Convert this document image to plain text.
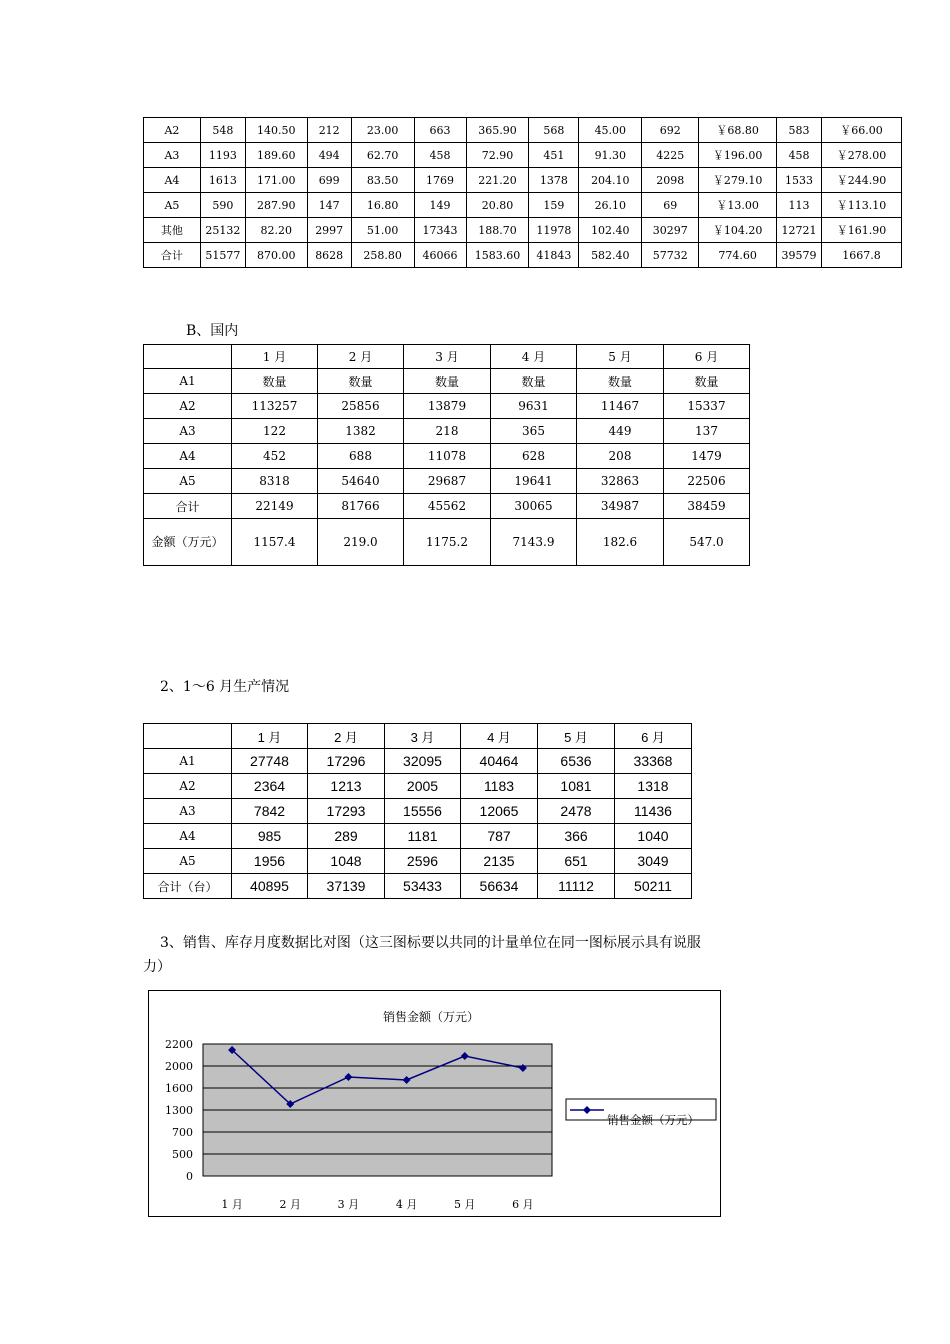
A2	548	140.50	212	23.00	663	365.90	568	45.00	692	￥68.80	583	￥66.00
A3	1193	189.60	494	62.70	458	72.90	451	91.30	4225	￥196.00	458	￥278.00
A4	1613	171.00	699	83.50	1769	221.20	1378	204.10	2098	￥279.10	1533	￥244.90
A5	590	287.90	147	16.80	149	20.80	159	26.10	69	￥13.00	113	￥113.10
其他	25132	82.20	2997	51.00	17343	188.70	11978	102.40	30297	￥104.20	12721	￥161.90
合计	51577	870.00	8628	258.80	46066	1583.60	41843	582.40	57732	774.60	39579	1667.8
B、国内
	1 月	2 月	3 月	4 月	5 月	6 月
A1	数量	数量	数量	数量	数量	数量
A2	113257	25856	13879	9631	11467	15337
A3	122	1382	218	365	449	137
A4	452	688	11078	628	208	1479
A5	8318	54640	29687	19641	32863	22506
合计	22149	81766	45562	30065	34987	38459
金额（万元）	1157.4	219.0	1175.2	7143.9	182.6	547.0
2、1～6 月生产情况
	1 月	2 月	3 月	4 月	5 月	6 月
A1	27748	17296	32095	40464	6536	33368
A2	2364	1213	2005	1183	1081	1318
A3	7842	17293	15556	12065	2478	11436
A4	985	289	1181	787	366	1040
A5	1956	1048	2596	2135	651	3049
合计（台）	40895	37139	53433	56634	11112	50211
3、销售、库存月度数据比对图（这三图标要以共同的计量单位在同一图标展示具有说服
力）
销售金额（万元）
0
500
700
1300
1600
2000
2200
1 月	2 月	3 月	4 月	5 月	6 月
销售金额（万元）
